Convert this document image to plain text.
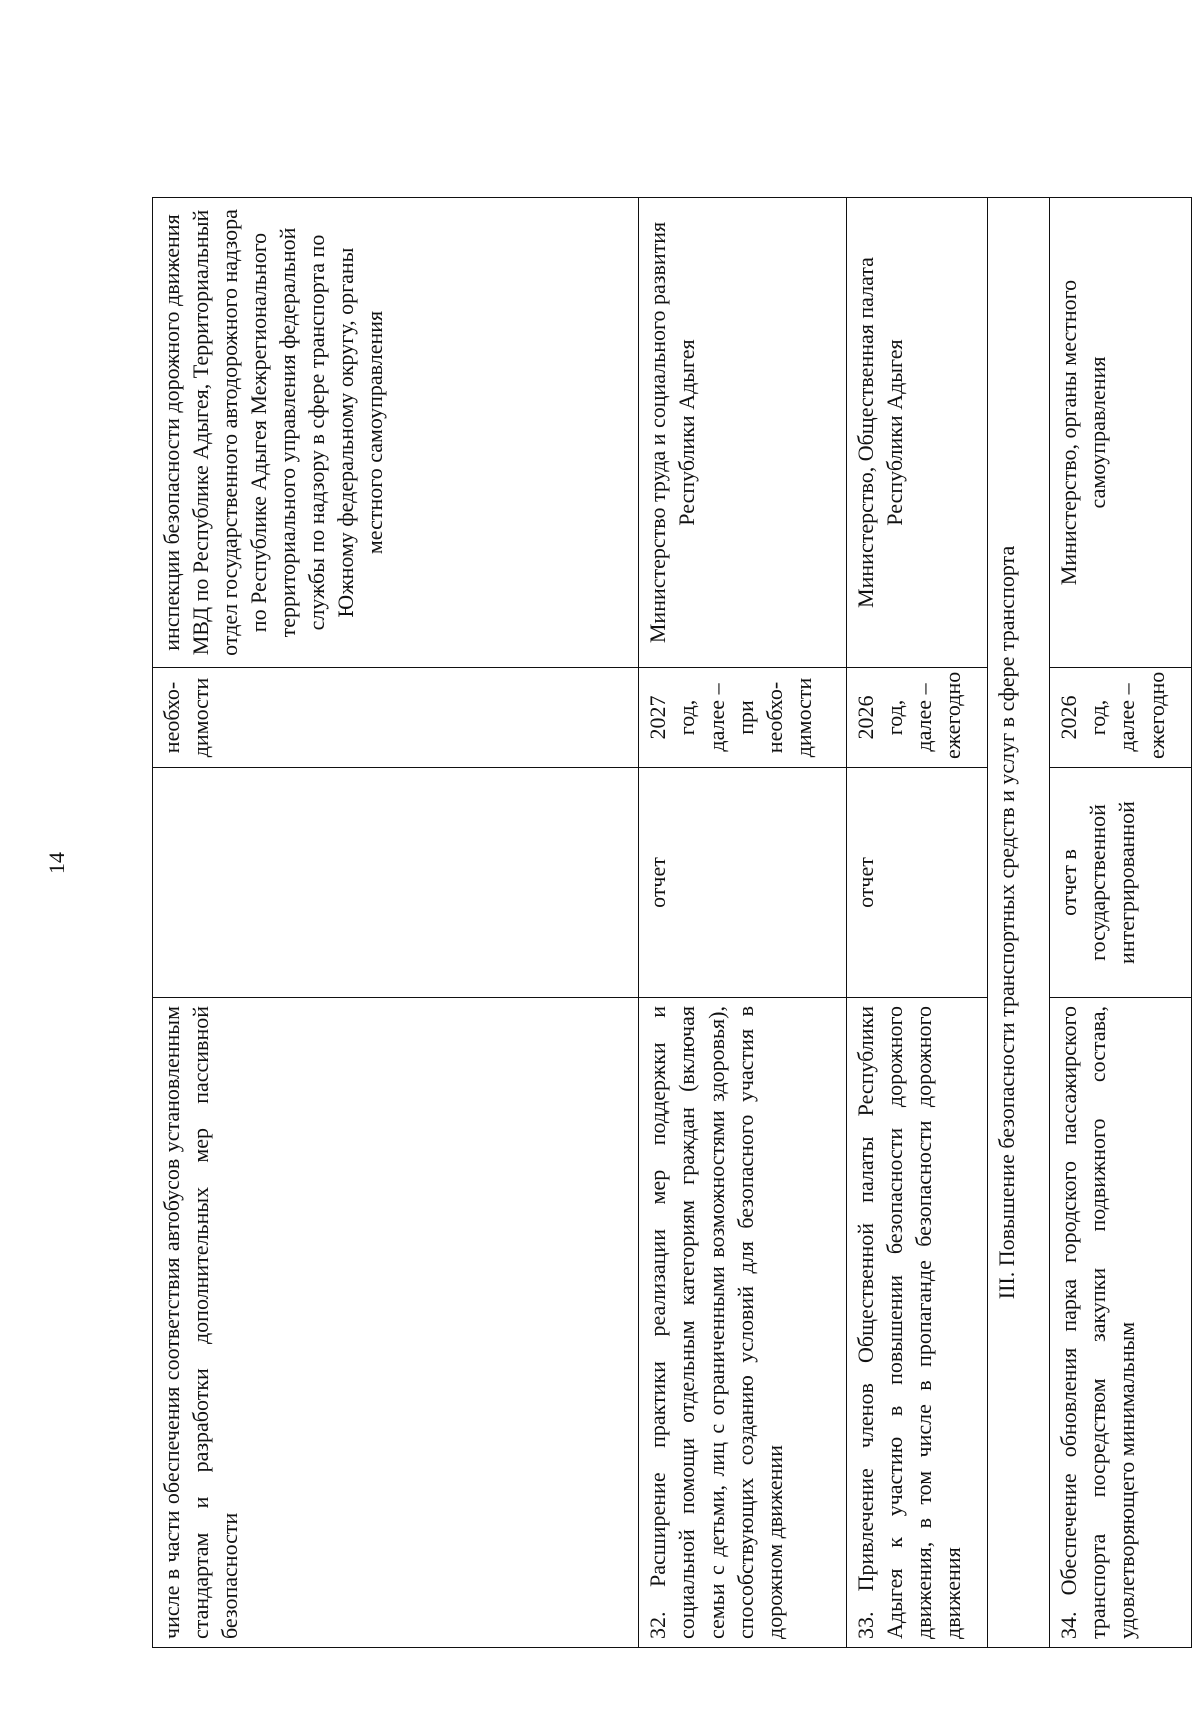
14
числе в части обеспечения соответствия автобусов установленным стандартам и разработки дополнительных мер пассивной безопасности		необхо-димости	инспекции безопасности дорожного движения МВД по Республике Адыгея, Территориальный отдел государственного автодорожного надзора по Республике Адыгея Межрегионального территориального управления федеральной службы по надзору в сфере транспорта по Южному федеральному округу, органы местного самоуправления
32. Расширение практики реализации мер поддержки и социальной помощи отдельным категориям граждан (включая семьи с детьми, лиц с ограниченными возможностями здоровья), способствующих созданию условий для безопасного участия в дорожном движении	отчет	2027 год, далее – при необхо-димости	Министерство труда и социального развития Республики Адыгея
33. Привлечение членов Общественной палаты Республики Адыгея к участию в повышении безопасности дорожного движения, в том числе в пропаганде безопасности дорожного движения	отчет	2026 год, далее – ежегодно	Министерство, Общественная палата Республики Адыгея
III. Повышение безопасности транспортных средств и услуг в сфере транспорта			
34. Обеспечение обновления парка городского пассажирского транспорта посредством закупки подвижного состава, удовлетворяющего минимальным	отчет в государственной интегрированной	2026 год, далее – ежегодно	Министерство, органы местного самоуправления
